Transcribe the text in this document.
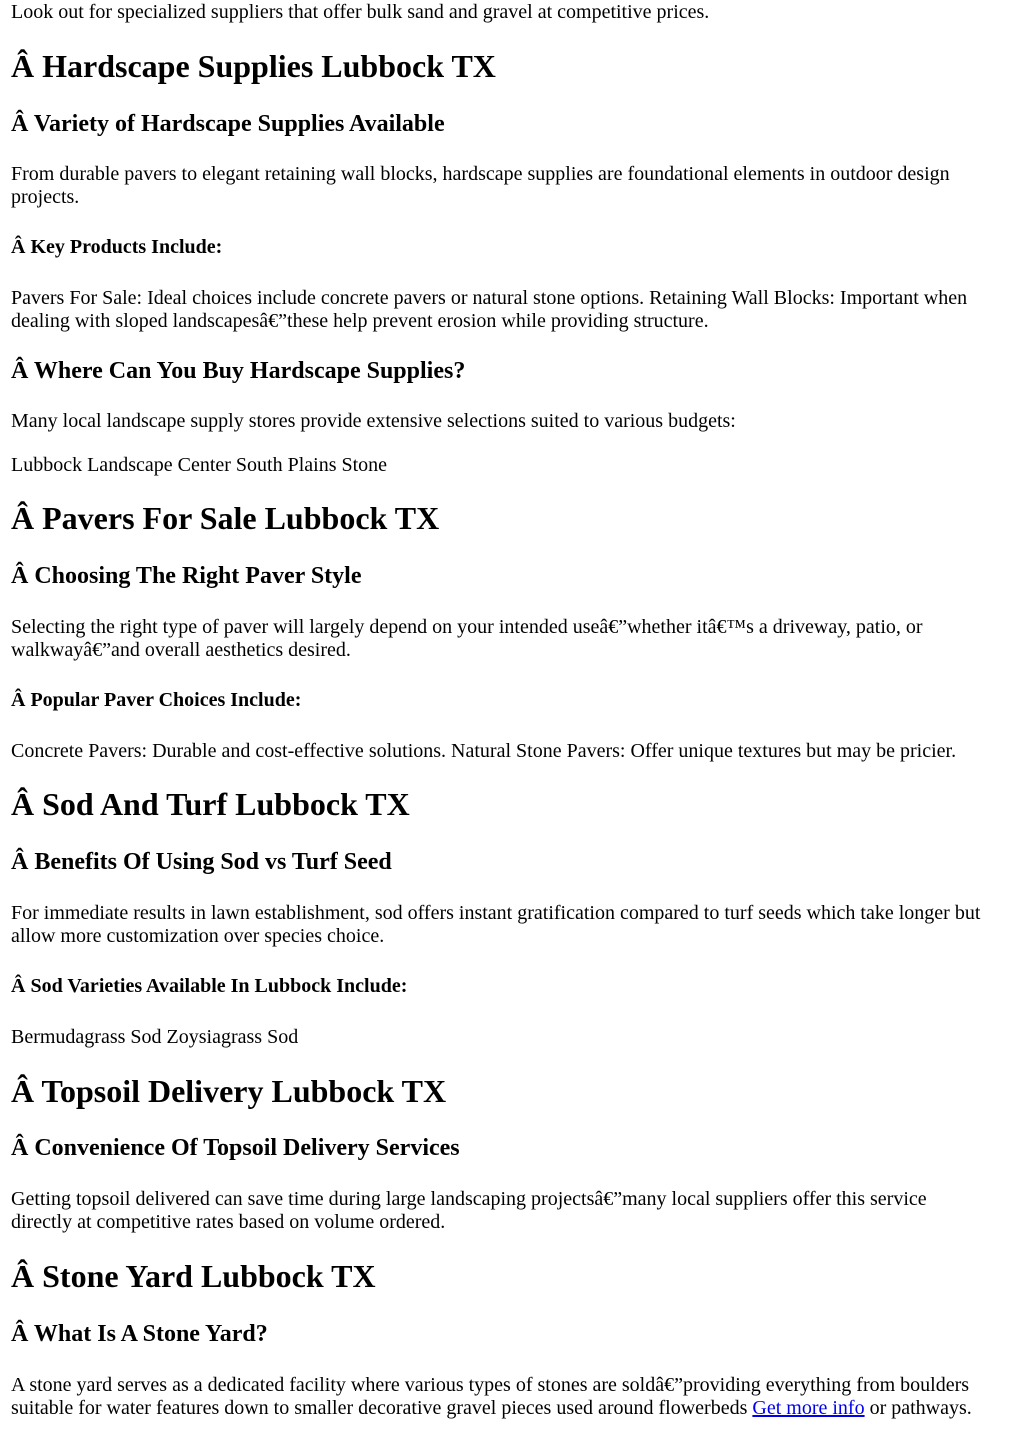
Look out for specialized suppliers that offer bulk sand and gravel at competitive prices.

Â Hardscape Supplies Lubbock TX
Â Variety of Hardscape Supplies Available

From durable pavers to elegant retaining wall blocks, hardscape supplies are foundational elements in outdoor design

projects.

Â Key Products Include:

Pavers For Sale: Ideal choices include concrete pavers or natural stone options. Retaining Wall Blocks: Important when

dealing with sloped landscapesâ€”these help prevent erosion while providing structure.

Â Where Can You Buy Hardscape Supplies?

Many local landscape supply stores provide extensive selections suited to various budgets:

Lubbock Landscape Center South Plains Stone

Â Pavers For Sale Lubbock TX
Â Choosing The Right Paver Style

Selecting the right type of paver will largely depend on your intended useâ€”whether itâ€™s a driveway, patio, or

walkwayâ€”and overall aesthetics desired.

Â Popular Paver Choices Include:

Concrete Pavers: Durable and cost-effective solutions. Natural Stone Pavers: Offer unique textures but may be pricier.

Â Sod And Turf Lubbock TX
Â Benefits Of Using Sod vs Turf Seed

For immediate results in lawn establishment, sod offers instant gratification compared to turf seeds which take longer but

allow more customization over species choice.

Â Sod Varieties Available In Lubbock Include:

Bermudagrass Sod Zoysiagrass Sod

Â Topsoil Delivery Lubbock TX
Â Convenience Of Topsoil Delivery Services

Getting topsoil delivered can save time during large landscaping projectsâ€”many local suppliers offer this service

directly at competitive rates based on volume ordered.

Â Stone Yard Lubbock TX
Â What Is A Stone Yard?

A stone yard serves as a dedicated facility where various types of stones are soldâ€”providing everything from boulders

suitable for water features down to smaller decorative gravel pieces used around flowerbeds Get more info or pathways.
